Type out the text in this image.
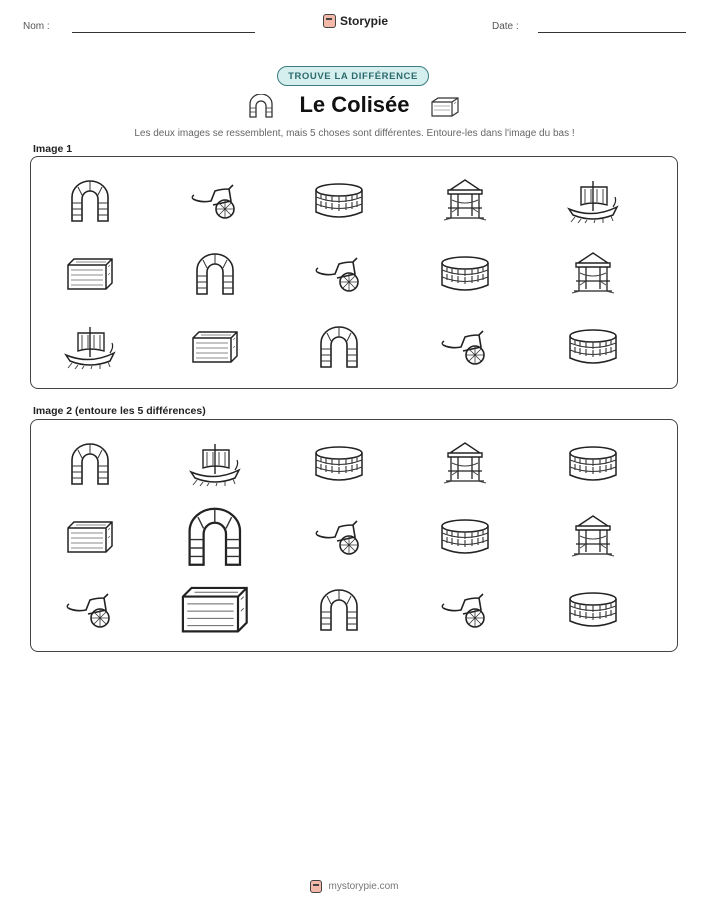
Nom :	Storypie	Date :
TROUVE LA DIFFÉRENCE
Le Colisée
Les deux images se ressemblent, mais 5 choses sont différentes. Entoure-les dans l'image du bas !
Image 1
Image 2 (entoure les 5 différences)
mystorypie.com
